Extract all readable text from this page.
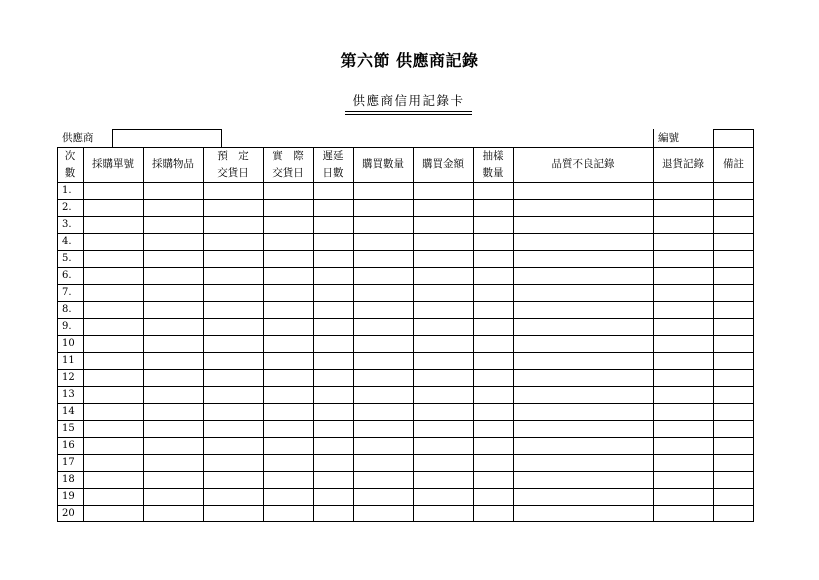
第六節 供應商記錄
供應商信用記錄卡
供應商	編號
次
數
採購單號 採購物品
預　定
交貨日
實　際
交貨日
遲延
日數
購買數量 購買金額
抽樣
數量
品質不良記錄	退貨記錄 備註
1.
2.
3.
4.
5.
6.
7.
8.
9.
10
11
12
13
14
15
16
17
18
19
20
